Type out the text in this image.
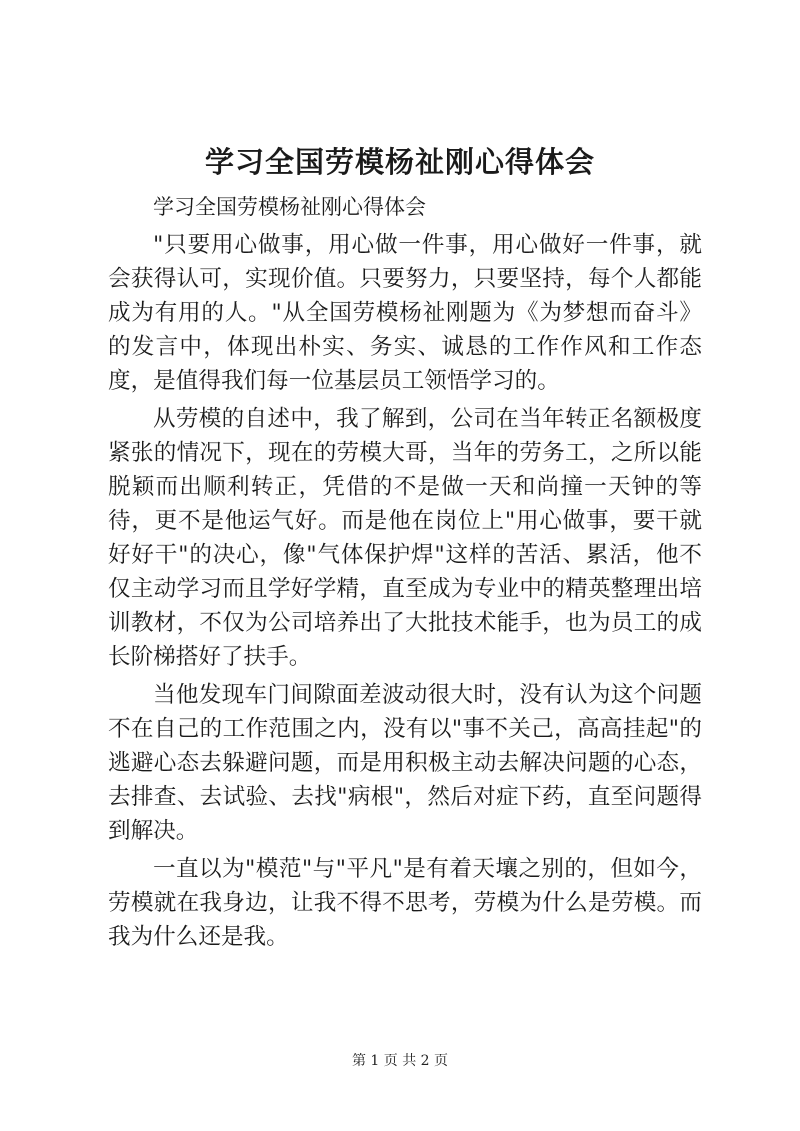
学习全国劳模杨祉刚心得体会

学习全国劳模杨祉刚心得体会

"只要用心做事，用心做一件事，用心做好一件事，就会获得认可，实现价值。只要努力，只要坚持，每个人都能成为有用的人。"从全国劳模杨祉刚题为《为梦想而奋斗》的发言中，体现出朴实、务实、诚恳的工作作风和工作态度，是值得我们每一位基层员工领悟学习的。

从劳模的自述中，我了解到，公司在当年转正名额极度紧张的情况下，现在的劳模大哥，当年的劳务工，之所以能脱颖而出顺利转正，凭借的不是做一天和尚撞一天钟的等待，更不是他运气好。而是他在岗位上"用心做事，要干就好好干"的决心，像"气体保护焊"这样的苦活、累活，他不仅主动学习而且学好学精，直至成为专业中的精英整理出培训教材，不仅为公司培养出了大批技术能手，也为员工的成长阶梯搭好了扶手。

当他发现车门间隙面差波动很大时，没有认为这个问题不在自己的工作范围之内，没有以"事不关己，高高挂起"的逃避心态去躲避问题，而是用积极主动去解决问题的心态，去排查、去试验、去找"病根"，然后对症下药，直至问题得到解决。

一直以为"模范"与"平凡"是有着天壤之别的，但如今，劳模就在我身边，让我不得不思考，劳模为什么是劳模。而我为什么还是我。

第 1 页 共 2 页
